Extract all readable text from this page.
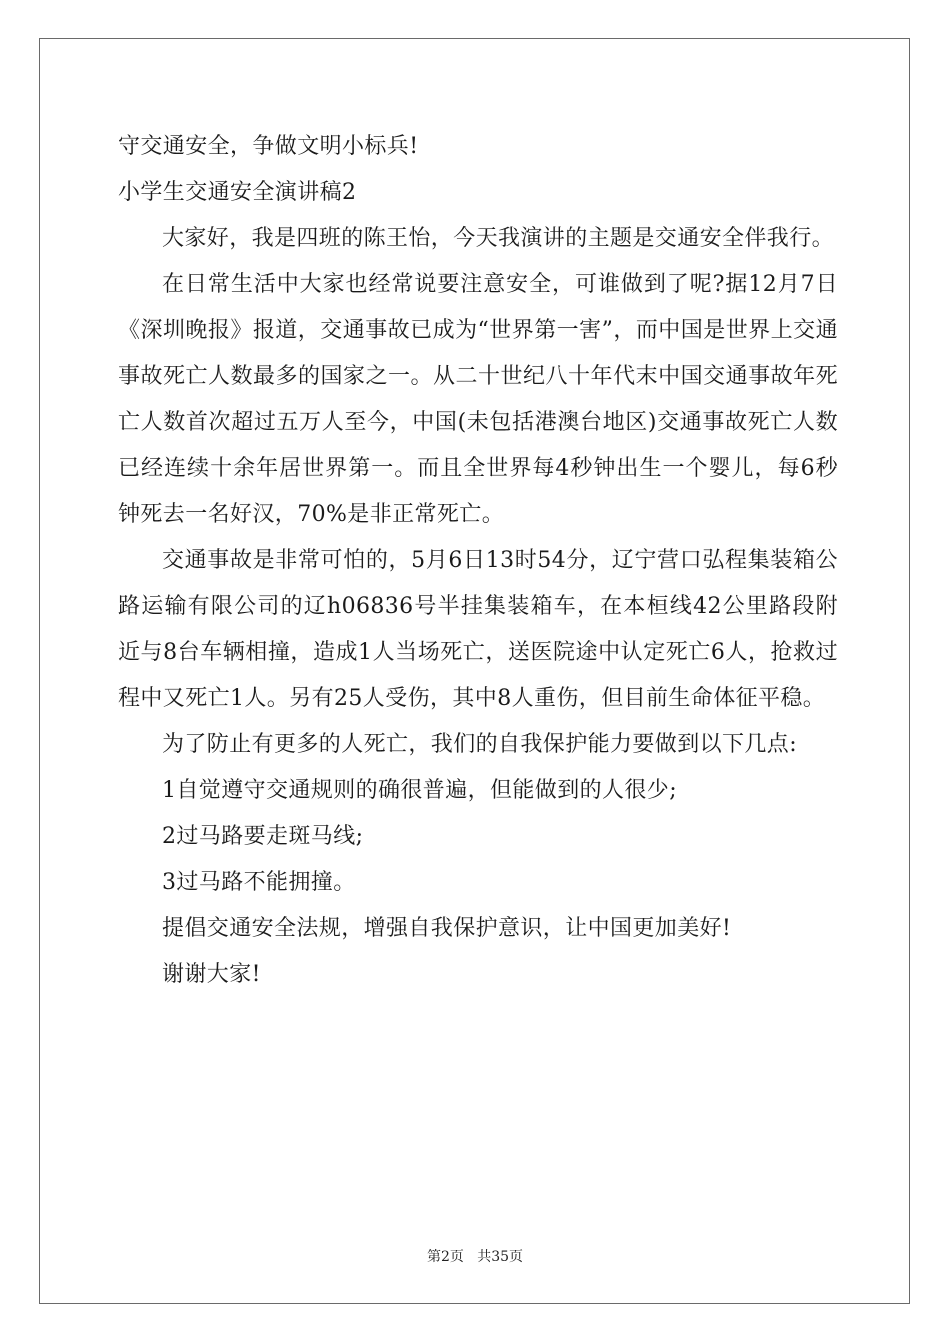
守交通安全，争做文明小标兵!
小学生交通安全演讲稿2

大家好，我是四班的陈王怡，今天我演讲的主题是交通安全伴我行。

在日常生活中大家也经常说要注意安全，可谁做到了呢?据12月7日《深圳晚报》报道，交通事故已成为“世界第一害”，而中国是世界上交通事故死亡人数最多的国家之一。从二十世纪八十年代末中国交通事故年死亡人数首次超过五万人至今，中国(未包括港澳台地区)交通事故死亡人数已经连续十余年居世界第一。而且全世界每4秒钟出生一个婴儿，每6秒钟死去一名好汉，70%是非正常死亡。

交通事故是非常可怕的，5月6日13时54分，辽宁营口弘程集装箱公路运输有限公司的辽h06836号半挂集装箱车，在本桓线42公里路段附近与8台车辆相撞，造成1人当场死亡，送医院途中认定死亡6人，抢救过程中又死亡1人。另有25人受伤，其中8人重伤，但目前生命体征平稳。

为了防止有更多的人死亡，我们的自我保护能力要做到以下几点:
1自觉遵守交通规则的确很普遍，但能做到的人很少;
2过马路要走斑马线;
3过马路不能拥撞。
提倡交通安全法规，增强自我保护意识，让中国更加美好!
谢谢大家!
第2页   共35页
